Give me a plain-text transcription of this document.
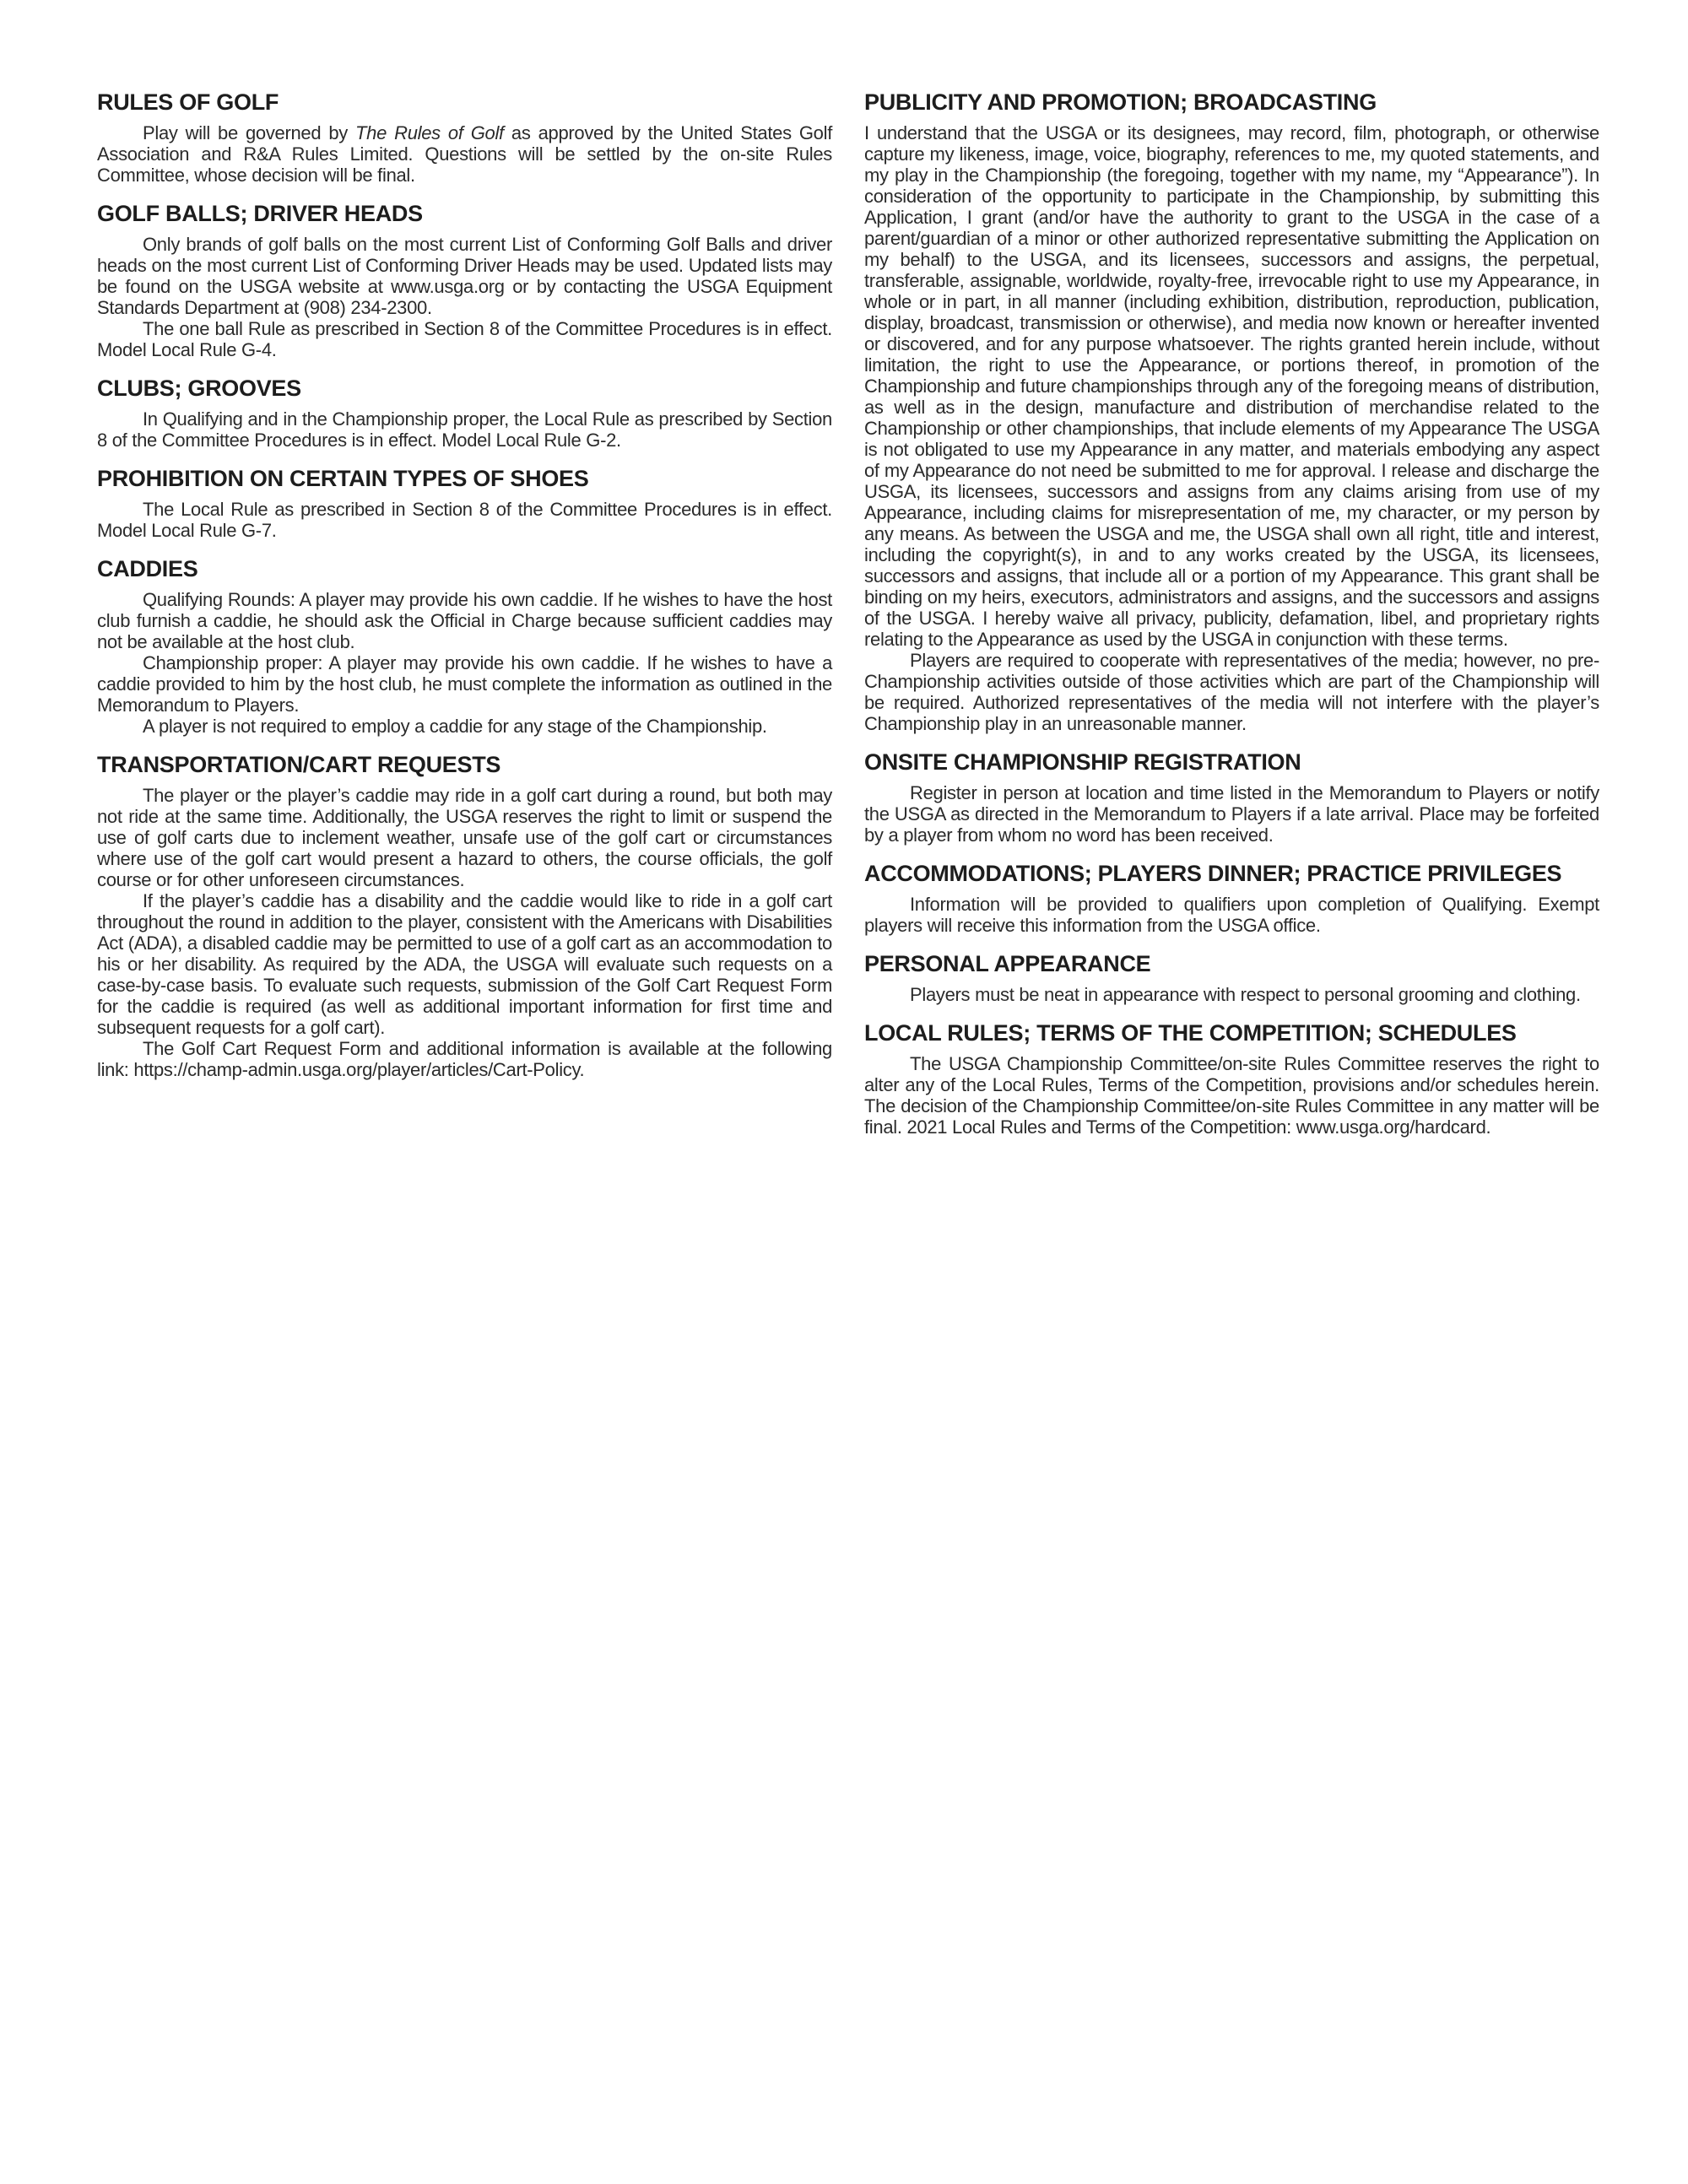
RULES OF GOLF

Play will be governed by The Rules of Golf as approved by the United States Golf Association and R&A Rules Limited. Questions will be settled by the on-site Rules Committee, whose decision will be final.

GOLF BALLS; DRIVER HEADS

Only brands of golf balls on the most current List of Conforming Golf Balls and driver heads on the most current List of Conforming Driver Heads may be used. Updated lists may be found on the USGA website at www.usga.org or by contacting the USGA Equipment Standards Department at (908) 234-2300.

The one ball Rule as prescribed in Section 8 of the Committee Procedures is in effect. Model Local Rule G-4.

CLUBS; GROOVES

In Qualifying and in the Championship proper, the Local Rule as prescribed by Section 8 of the Committee Procedures is in effect. Model Local Rule G-2.

PROHIBITION ON CERTAIN TYPES OF SHOES

The Local Rule as prescribed in Section 8 of the Committee Procedures is in effect. Model Local Rule G-7.

CADDIES

Qualifying Rounds: A player may provide his own caddie. If he wishes to have the host club furnish a caddie, he should ask the Official in Charge because sufficient caddies may not be available at the host club.

Championship proper: A player may provide his own caddie. If he wishes to have a caddie provided to him by the host club, he must complete the information as outlined in the Memorandum to Players.

A player is not required to employ a caddie for any stage of the Championship.

TRANSPORTATION/CART REQUESTS

The player or the player’s caddie may ride in a golf cart during a round, but both may not ride at the same time. Additionally, the USGA reserves the right to limit or suspend the use of golf carts due to inclement weather, unsafe use of the golf cart or circumstances where use of the golf cart would present a hazard to others, the course officials, the golf course or for other unforeseen circumstances.

If the player’s caddie has a disability and the caddie would like to ride in a golf cart throughout the round in addition to the player, consistent with the Americans with Disabilities Act (ADA), a disabled caddie may be permitted to use of a golf cart as an accommodation to his or her disability. As required by the ADA, the USGA will evaluate such requests on a case-by-case basis. To evaluate such requests, submission of the Golf Cart Request Form for the caddie is required (as well as additional important information for first time and subsequent requests for a golf cart).

The Golf Cart Request Form and additional information is available at the following link: https://champ-admin.usga.org/player/articles/Cart-Policy.

PUBLICITY AND PROMOTION; BROADCASTING

I understand that the USGA or its designees, may record, film, photograph, or otherwise capture my likeness, image, voice, biography, references to me, my quoted statements, and my play in the Championship (the foregoing, together with my name, my “Appearance”). In consideration of the opportunity to participate in the Championship, by submitting this Application, I grant (and/or have the authority to grant to the USGA in the case of a parent/guardian of a minor or other authorized representative submitting the Application on my behalf) to the USGA, and its licensees, successors and assigns, the perpetual, transferable, assignable, worldwide, royalty-free, irrevocable right to use my Appearance, in whole or in part, in all manner (including exhibition, distribution, reproduction, publication, display, broadcast, transmission or otherwise), and media now known or hereafter invented or discovered, and for any purpose whatsoever. The rights granted herein include, without limitation, the right to use the Appearance, or portions thereof, in promotion of the Championship and future championships through any of the foregoing means of distribution, as well as in the design, manufacture and distribution of merchandise related to the Championship or other championships, that include elements of my Appearance The USGA is not obligated to use my Appearance in any matter, and materials embodying any aspect of my Appearance do not need be submitted to me for approval. I release and discharge the USGA, its licensees, successors and assigns from any claims arising from use of my Appearance, including claims for misrepresentation of me, my character, or my person by any means. As between the USGA and me, the USGA shall own all right, title and interest, including the copyright(s), in and to any works created by the USGA, its licensees, successors and assigns, that include all or a portion of my Appearance. This grant shall be binding on my heirs, executors, administrators and assigns, and the successors and assigns of the USGA. I hereby waive all privacy, publicity, defamation, libel, and proprietary rights relating to the Appearance as used by the USGA in conjunction with these terms.

Players are required to cooperate with representatives of the media; however, no pre-Championship activities outside of those activities which are part of the Championship will be required. Authorized representatives of the media will not interfere with the player’s Championship play in an unreasonable manner.

ONSITE CHAMPIONSHIP REGISTRATION

Register in person at location and time listed in the Memorandum to Players or notify the USGA as directed in the Memorandum to Players if a late arrival. Place may be forfeited by a player from whom no word has been received.

ACCOMMODATIONS; PLAYERS DINNER; PRACTICE PRIVILEGES

Information will be provided to qualifiers upon completion of Qualifying. Exempt players will receive this information from the USGA office.

PERSONAL APPEARANCE

Players must be neat in appearance with respect to personal grooming and clothing.

LOCAL RULES; TERMS OF THE COMPETITION; SCHEDULES

The USGA Championship Committee/on-site Rules Committee reserves the right to alter any of the Local Rules, Terms of the Competition, provisions and/or schedules herein. The decision of the Championship Committee/on-site Rules Committee in any matter will be final. 2021 Local Rules and Terms of the Competition: www.usga.org/hardcard.
